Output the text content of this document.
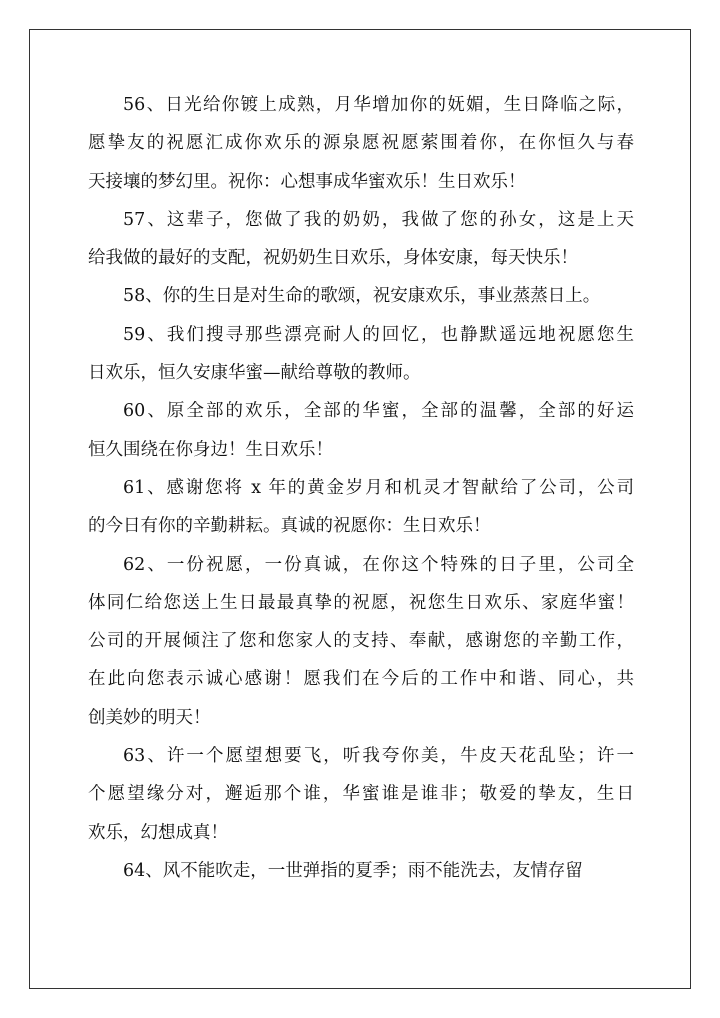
56、日光给你镀上成熟，月华增加你的妩媚，生日降临之际，
愿挚友的祝愿汇成你欢乐的源泉愿祝愿萦围着你，在你恒久与春
天接壤的梦幻里。祝你：心想事成华蜜欢乐！生日欢乐！
57、这辈子，您做了我的奶奶，我做了您的孙女，这是上天
给我做的最好的支配，祝奶奶生日欢乐，身体安康，每天快乐！
58、你的生日是对生命的歌颂，祝安康欢乐，事业蒸蒸日上。
59、我们搜寻那些漂亮耐人的回忆，也静默遥远地祝愿您生
日欢乐，恒久安康华蜜—献给尊敬的教师。
60、原全部的欢乐，全部的华蜜，全部的温馨，全部的好运
恒久围绕在你身边！生日欢乐！
61、感谢您将 x 年的黄金岁月和机灵才智献给了公司，公司
的今日有你的辛勤耕耘。真诚的祝愿你：生日欢乐！
62、一份祝愿，一份真诚，在你这个特殊的日子里，公司全
体同仁给您送上生日最最真挚的祝愿，祝您生日欢乐、家庭华蜜！
公司的开展倾注了您和您家人的支持、奉献，感谢您的辛勤工作，
在此向您表示诚心感谢！愿我们在今后的工作中和谐、同心，共
创美妙的明天！
63、许一个愿望想要飞，听我夸你美，牛皮天花乱坠；许一
个愿望缘分对，邂逅那个谁，华蜜谁是谁非；敬爱的挚友，生日
欢乐，幻想成真！
64、风不能吹走，一世弹指的夏季；雨不能洗去，友情存留
